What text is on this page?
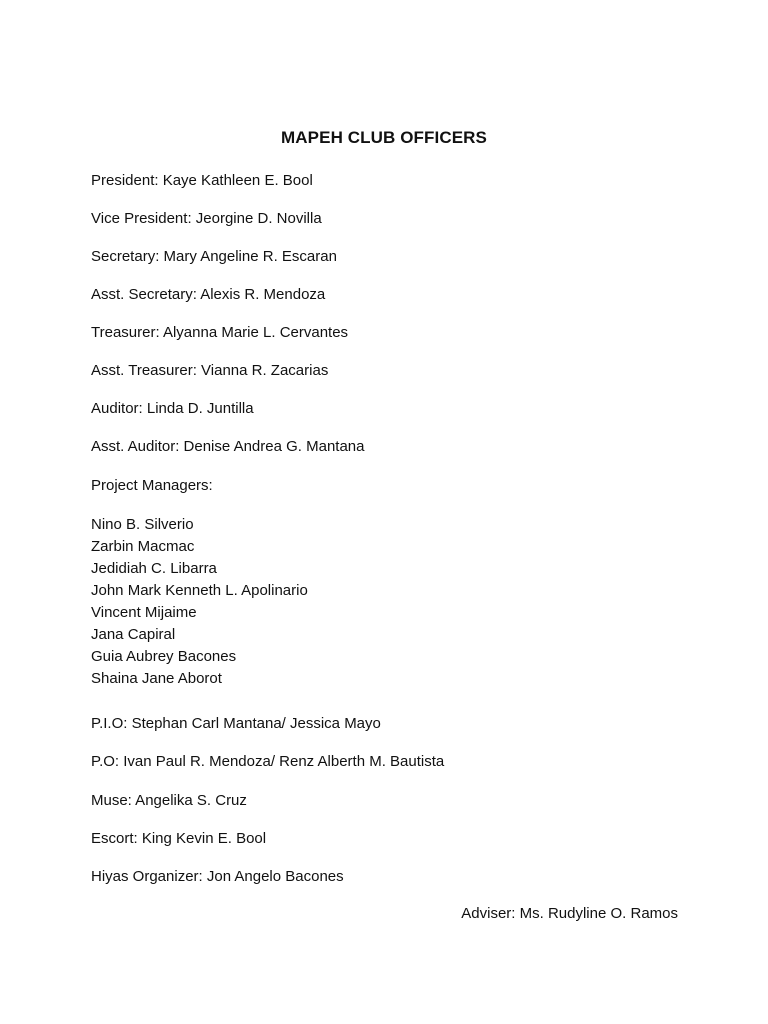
MAPEH CLUB OFFICERS
President: Kaye Kathleen E. Bool
Vice President: Jeorgine D. Novilla
Secretary: Mary Angeline R. Escaran
Asst. Secretary: Alexis R. Mendoza
Treasurer: Alyanna Marie L. Cervantes
Asst. Treasurer: Vianna R. Zacarias
Auditor: Linda D. Juntilla
Asst. Auditor: Denise Andrea G. Mantana
Project Managers:
Nino B. Silverio
Zarbin Macmac
Jedidiah C. Libarra
John Mark Kenneth L. Apolinario
Vincent Mijaime
Jana Capiral
Guia Aubrey Bacones
Shaina Jane Aborot
P.I.O: Stephan Carl Mantana/ Jessica Mayo
P.O: Ivan Paul R. Mendoza/ Renz Alberth M. Bautista
Muse: Angelika S. Cruz
Escort: King Kevin E. Bool
Hiyas Organizer: Jon Angelo Bacones
Adviser: Ms. Rudyline O. Ramos
